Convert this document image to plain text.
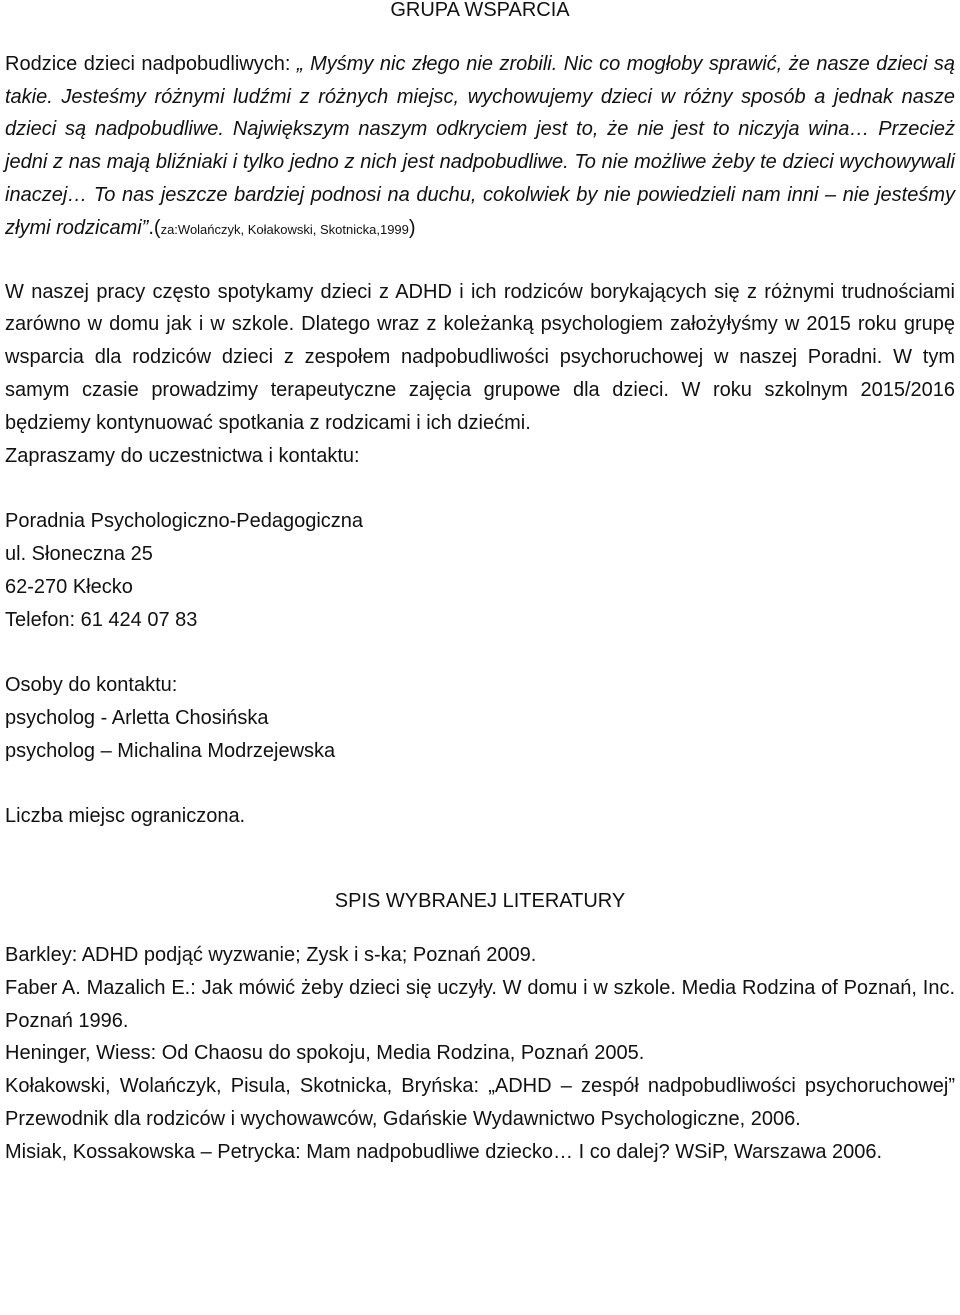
GRUPA WSPARCIA

Rodzice dzieci nadpobudliwych: „ Myśmy nic złego nie zrobili. Nic co mogłoby sprawić, że nasze dzieci są takie. Jesteśmy różnymi ludźmi z różnych miejsc, wychowujemy dzieci w różny sposób a jednak nasze dzieci są nadpobudliwe. Największym naszym odkryciem jest to, że nie jest to niczyja wina… Przecież jedni z nas mają bliźniaki i tylko jedno z nich jest nadpobudliwe. To nie możliwe żeby te dzieci wychowywali inaczej… To nas jeszcze bardziej podnosi na duchu, cokolwiek by nie powiedzieli nam inni – nie jesteśmy złymi rodzicami”.(za:Wolańczyk, Kołakowski, Skotnicka,1999)

W naszej pracy często spotykamy dzieci z ADHD i ich rodziców borykających się z różnymi trudnościami zarówno w domu jak i w szkole. Dlatego wraz z koleżanką psychologiem założyłyśmy w 2015 roku grupę wsparcia dla rodziców dzieci z zespołem nadpobudliwości psychoruchowej w naszej Poradni. W tym samym czasie prowadzimy terapeutyczne zajęcia grupowe dla dzieci. W roku szkolnym 2015/2016 będziemy kontynuować spotkania z rodzicami i ich dziećmi.

Zapraszamy do uczestnictwa i kontaktu:

Poradnia Psychologiczno-Pedagogiczna

ul. Słoneczna 25

62-270 Kłecko

Telefon: 61 424 07 83

Osoby do kontaktu:

psycholog - Arletta Chosińska

psycholog – Michalina Modrzejewska

Liczba miejsc ograniczona.

SPIS WYBRANEJ LITERATURY

Barkley: ADHD podjąć wyzwanie; Zysk i s-ka; Poznań 2009.

Faber A. Mazalich E.: Jak mówić żeby dzieci się uczyły. W domu i w szkole. Media Rodzina of Poznań, Inc. Poznań 1996.

Heninger, Wiess: Od Chaosu do spokoju, Media Rodzina, Poznań 2005.

Kołakowski, Wolańczyk, Pisula, Skotnicka, Bryńska: „ADHD – zespół nadpobudliwości psychoruchowej” Przewodnik dla rodziców i wychowawców, Gdańskie Wydawnictwo Psychologiczne, 2006.

Misiak, Kossakowska – Petrycka: Mam nadpobudliwe dziecko… I co dalej? WSiP, Warszawa 2006.
